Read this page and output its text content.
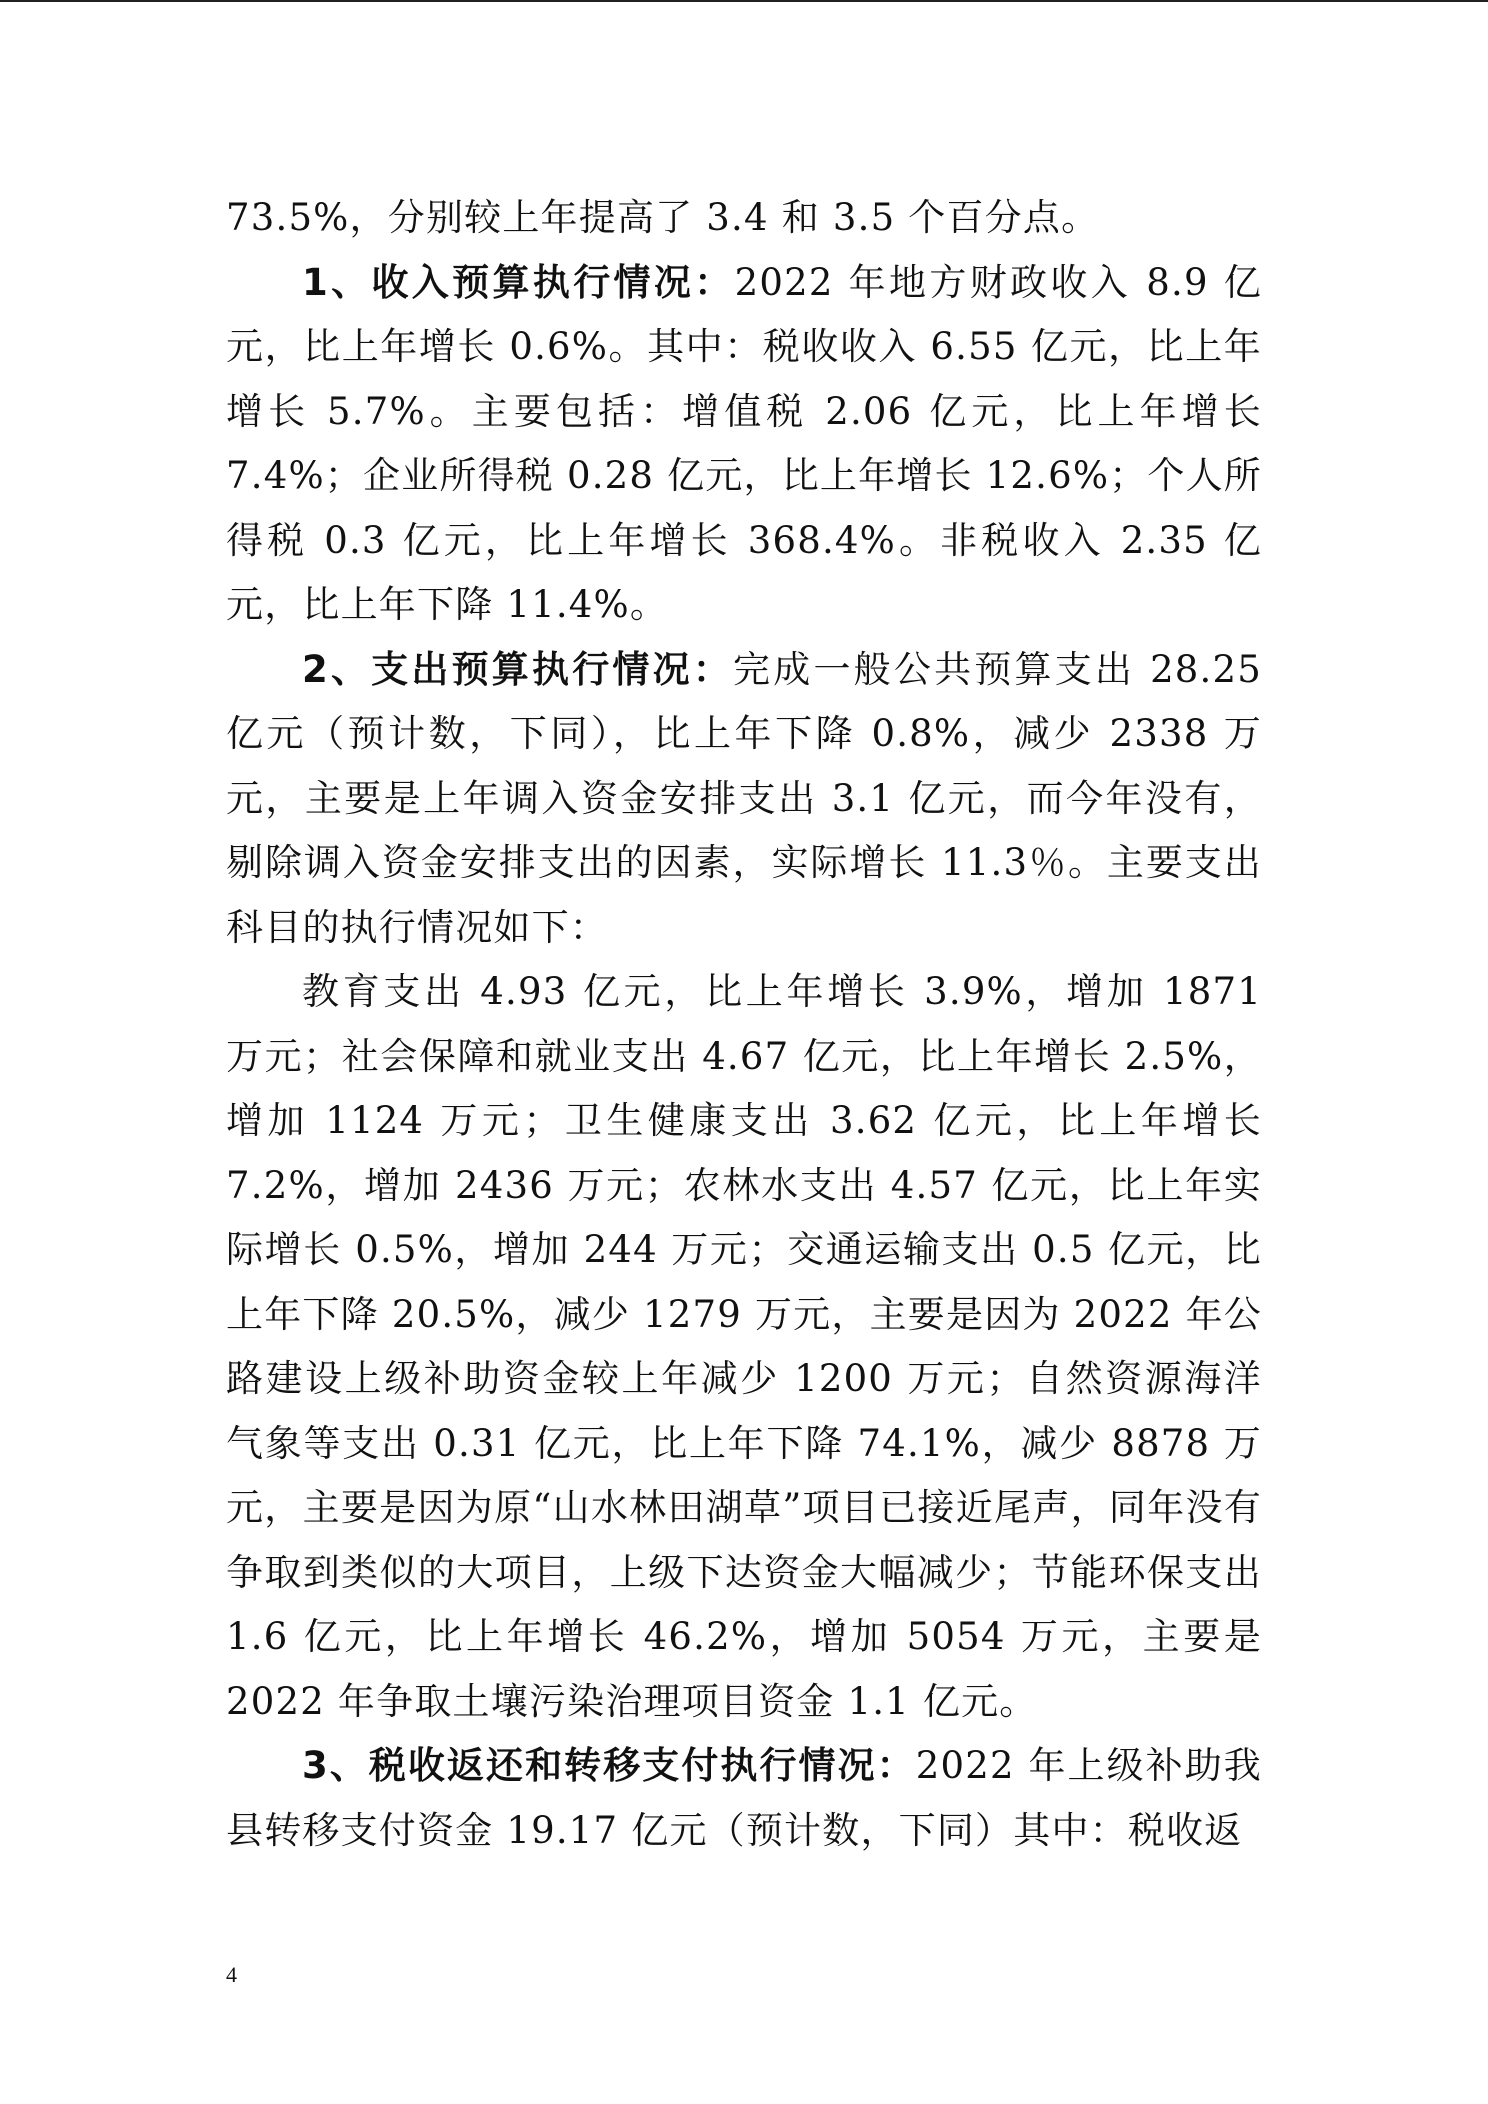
73.5%，分别较上年提高了 3.4 和 3.5 个百分点。

1、收入预算执行情况：2022 年地方财政收入 8.9 亿元，比上年增长 0.6%。其中：税收收入 6.55 亿元，比上年增长 5.7%。主要包括：增值税 2.06 亿元，比上年增长 7.4%；企业所得税 0.28 亿元，比上年增长 12.6%；个人所得税 0.3 亿元，比上年增长 368.4%。非税收入 2.35 亿元，比上年下降 11.4%。

2、支出预算执行情况：完成一般公共预算支出 28.25 亿元（预计数，下同），比上年下降 0.8%，减少 2338 万元，主要是上年调入资金安排支出 3.1 亿元，而今年没有，剔除调入资金安排支出的因素，实际增长 11.3％。主要支出科目的执行情况如下：

教育支出 4.93 亿元，比上年增长 3.9%，增加 1871 万元；社会保障和就业支出 4.67 亿元，比上年增长 2.5%，增加 1124 万元；卫生健康支出 3.62 亿元，比上年增长 7.2%，增加 2436 万元；农林水支出 4.57 亿元，比上年实际增长 0.5%，增加 244 万元；交通运输支出 0.5 亿元，比上年下降 20.5%，减少 1279 万元，主要是因为 2022 年公路建设上级补助资金较上年减少 1200 万元；自然资源海洋气象等支出 0.31 亿元，比上年下降 74.1%，减少 8878 万元，主要是因为原“山水林田湖草”项目已接近尾声，同年没有争取到类似的大项目，上级下达资金大幅减少；节能环保支出 1.6 亿元，比上年增长 46.2%，增加 5054 万元，主要是 2022 年争取土壤污染治理项目资金 1.1 亿元。

3、税收返还和转移支付执行情况：2022 年上级补助我县转移支付资金 19.17 亿元（预计数，下同）其中：税收返

4
